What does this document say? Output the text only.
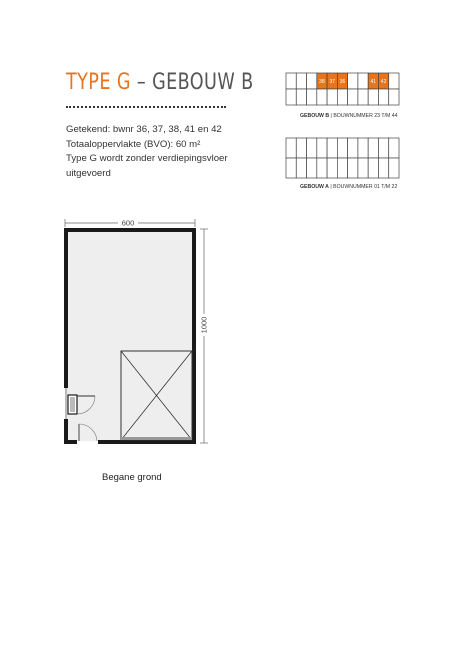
TYPE G – GEBOUW B
Getekend: bwnr 36, 37, 38, 41 en 42
Totaaloppervlakte (BVO): 60 m²
Type G wordt zonder verdiepingsvloer
uitgevoerd
38 37 36	41 42
GEBOUW B | BOUWNUMMER 23 T/M 44
GEBOUW A | BOUWNUMMER 01 T/M 22
600
1000
Begane grond
